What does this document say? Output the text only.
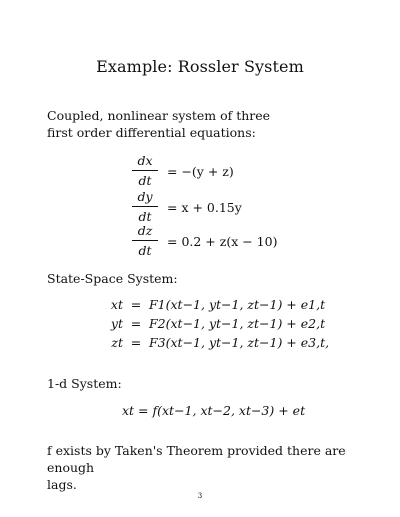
Example: Rossler System
Coupled, nonlinear system of three
first order differential equations:
dx
dt
= −(y + z)
dy
dt
= x + 0.15y
dz
dt
= 0.2 + z(x − 10)
State-Space System:
xt = F1(xt−1, yt−1, zt−1) + e1,t
yt = F2(xt−1, yt−1, zt−1) + e2,t
zt = F3(xt−1, yt−1, zt−1) + e3,t,
1-d System:
xt = f(xt−1, xt−2, xt−3) + et
f exists by Taken's Theorem provided there are enough
lags.
3
